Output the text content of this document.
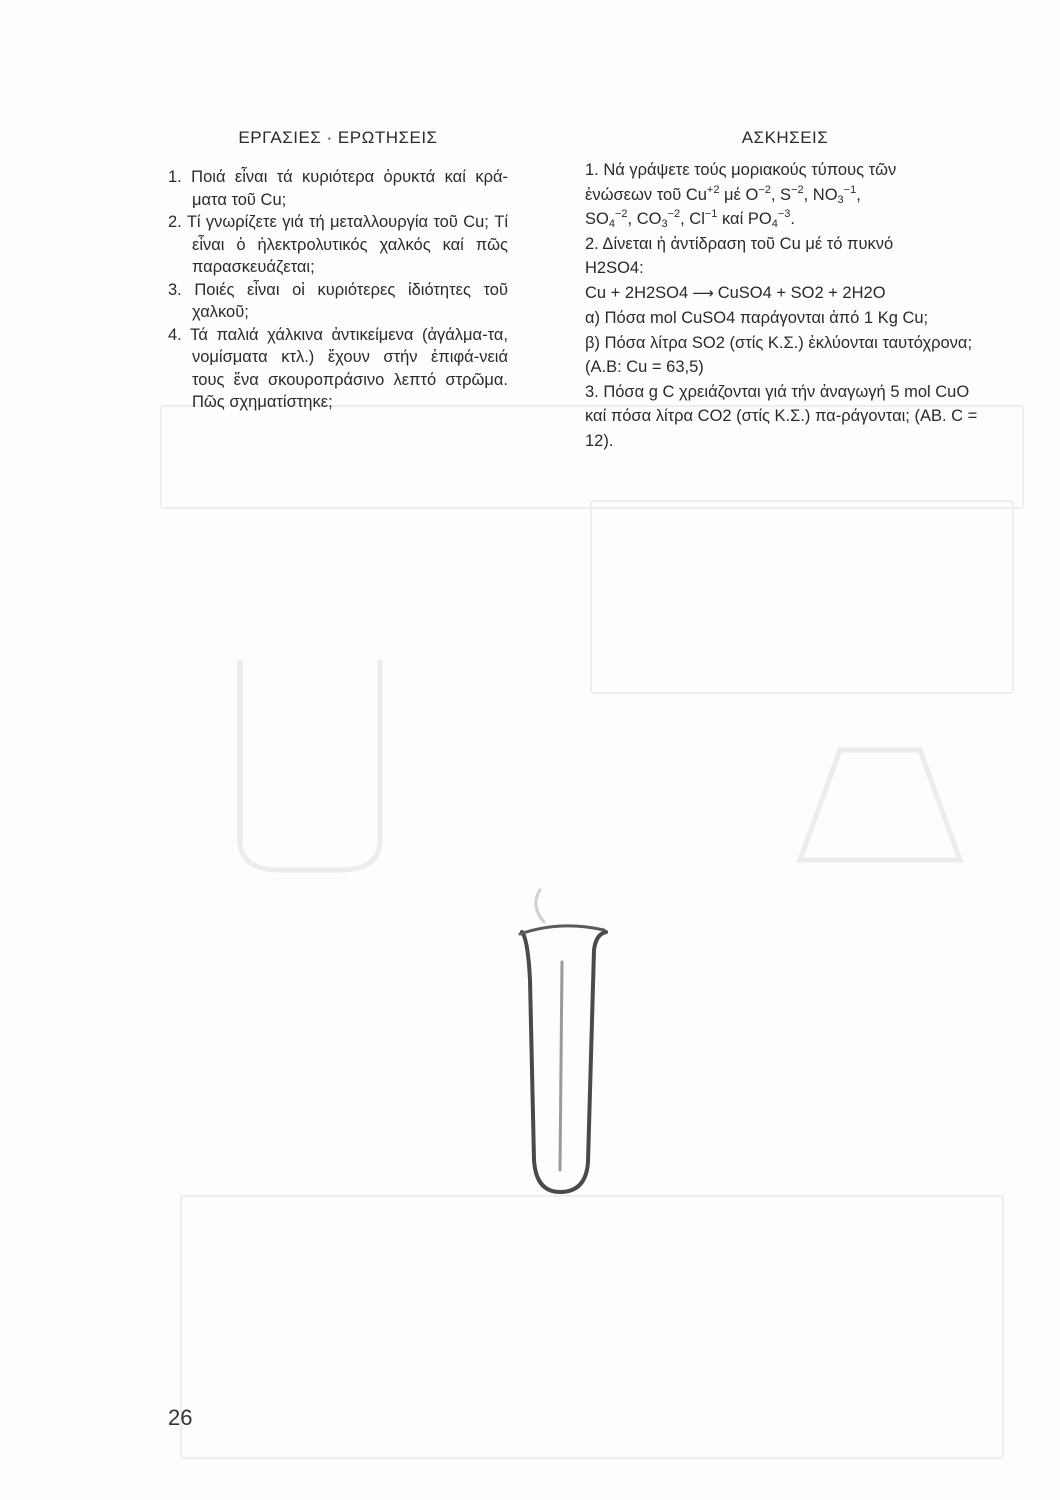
ΕΡΓΑΣΙΕΣ · ΕΡΩΤΗΣΕΙΣ

1. Ποιά εἶναι τά κυριότερα ὀρυκτά καί κρά-ματα τοῦ Cu;

2. Τί γνωρίζετε γιά τή μεταλλουργία τοῦ Cu; Τί εἶναι ὁ ἠλεκτρολυτικός χαλκός καί πῶς παρασκευάζεται;

3. Ποιές εἶναι οἱ κυριότερες ἰδιότητες τοῦ χαλκοῦ;

4. Τά παλιά χάλκινα ἀντικείμενα (ἀγάλμα-τα, νομίσματα κτλ.) ἔχουν στήν ἐπιφά-νειά τους ἕνα σκουροπράσινο λεπτό στρῶμα. Πῶς σχηματίστηκε;

ΑΣΚΗΣΕΙΣ

1. Νά γράψετε τούς μοριακούς τύπους τῶν

ἐνώσεων τοῦ $Cu^{+2}$ μέ $O^{-2}$, $S^{-2}$, $NO_3^{-1}$,

$SO_4^{-2}$, $CO_3^{-2}$, $Cl^{-1}$ καί $PO_4^{-3}$.

2. Δίνεται ἡ ἀντίδραση τοῦ Cu μέ τό πυκνό

H2SO4:

Cu + 2H2SO4 ⟶ CuSO4 + SO2 + 2H2O

α) Πόσα mol CuSO4 παράγονται ἀπό 1 Kg Cu;

β) Πόσα λίτρα SO2 (στίς Κ.Σ.) ἐκλύονται ταυτόχρονα; (Α.Β: Cu = 63,5)

3. Πόσα g C χρειάζονται γιά τήν ἀναγωγή 5 mol CuO καί πόσα λίτρα CO2 (στίς Κ.Σ.) πα-ράγονται; (ΑΒ. C = 12).

26
